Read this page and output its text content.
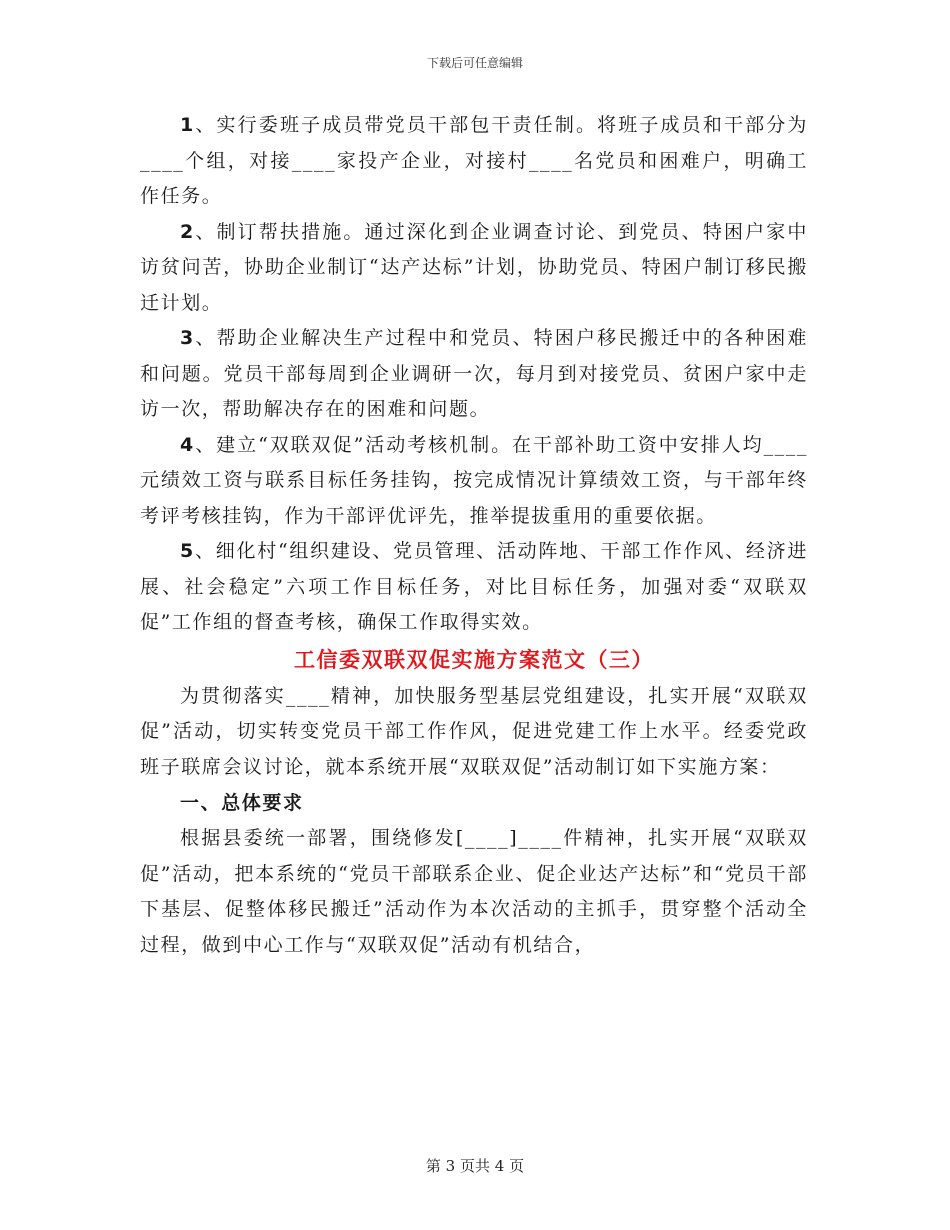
下载后可任意编辑

1、实行委班子成员带党员干部包干责任制。将班子成员和干部分为____个组，对接____家投产企业，对接村____名党员和困难户，明确工作任务。

2、制订帮扶措施。通过深化到企业调查讨论、到党员、特困户家中访贫问苦，协助企业制订“达产达标”计划，协助党员、特困户制订移民搬迁计划。

3、帮助企业解决生产过程中和党员、特困户移民搬迁中的各种困难和问题。党员干部每周到企业调研一次，每月到对接党员、贫困户家中走访一次，帮助解决存在的困难和问题。

4、建立“双联双促”活动考核机制。在干部补助工资中安排人均____元绩效工资与联系目标任务挂钩，按完成情况计算绩效工资，与干部年终考评考核挂钩，作为干部评优评先，推举提拔重用的重要依据。

5、细化村“组织建设、党员管理、活动阵地、干部工作作风、经济进展、社会稳定”六项工作目标任务，对比目标任务，加强对委“双联双促”工作组的督查考核，确保工作取得实效。

工信委双联双促实施方案范文（三）

为贯彻落实____精神，加快服务型基层党组建设，扎实开展“双联双促”活动，切实转变党员干部工作作风，促进党建工作上水平。经委党政班子联席会议讨论，就本系统开展“双联双促”活动制订如下实施方案：

一、总体要求

根据县委统一部署，围绕修发[____]____件精神，扎实开展“双联双促”活动，把本系统的“党员干部联系企业、促企业达产达标”和“党员干部下基层、促整体移民搬迁”活动作为本次活动的主抓手，贯穿整个活动全过程，做到中心工作与“双联双促”活动有机结合，

第 3 页共 4 页
